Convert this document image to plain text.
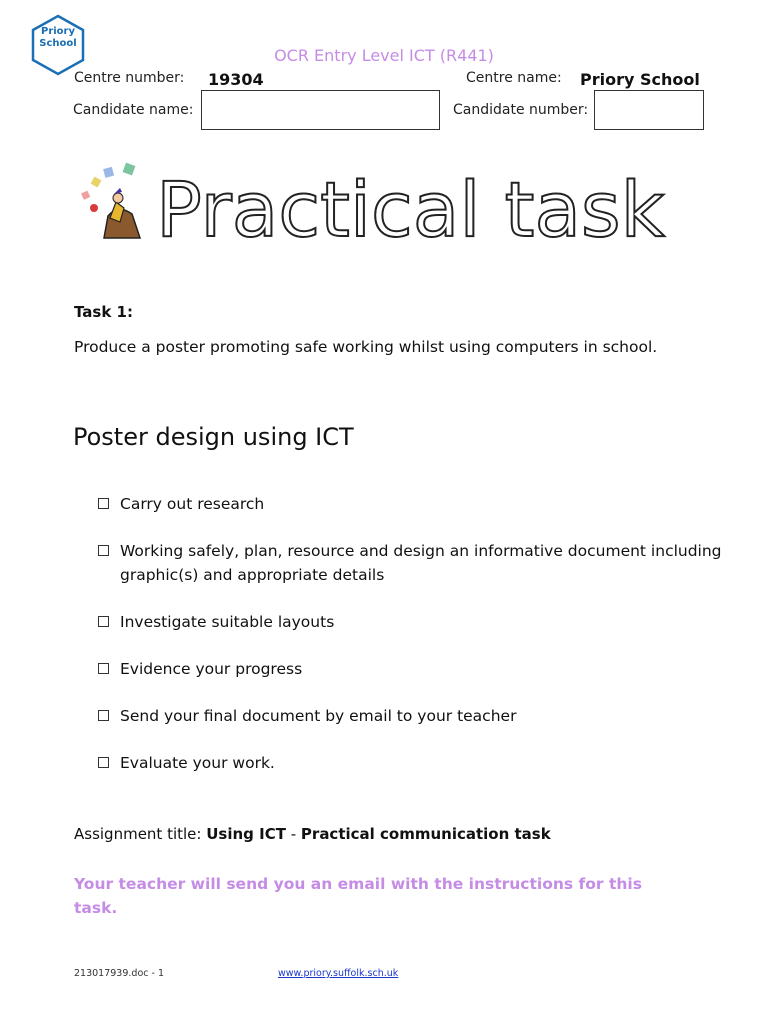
Priory
School
OCR Entry Level ICT (R441)
Centre number: 19304	Centre name: Priory School
Candidate name:	Candidate number:
Practical task
Task 1:
Produce a poster promoting safe working whilst using computers in school.
Poster design using ICT
Carry out research
Working safely, plan, resource and design an informative document including graphic(s) and appropriate details
Investigate suitable layouts
Evidence your progress
Send your final document by email to your teacher
Evaluate your work.
Assignment title: Using ICT - Practical communication task
Your teacher will send you an email with the instructions for this task.
213017939.doc - 1	www.priory.suffolk.sch.uk
